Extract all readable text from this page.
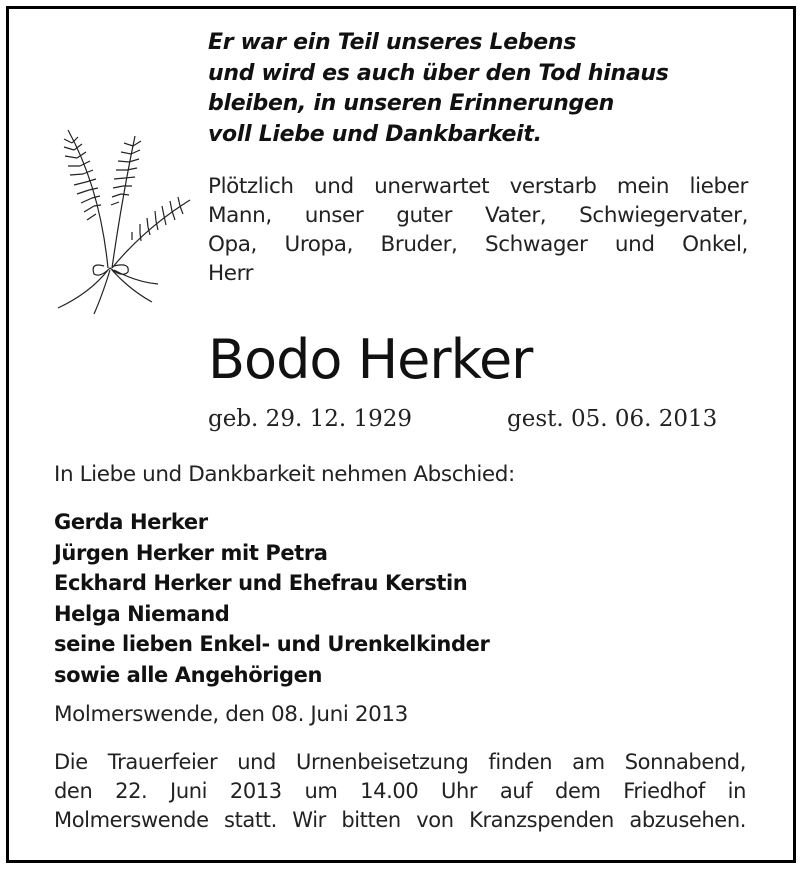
Er war ein Teil unseres Lebens
und wird es auch über den Tod hinaus
bleiben, in unseren Erinnerungen
voll Liebe und Dankbarkeit.
Plötzlich und unerwartet verstarb mein lieber
Mann, unser guter Vater, Schwiegervater,
Opa, Uropa, Bruder, Schwager und Onkel,
Herr
Bodo Herker
geb. 29. 12. 1929	gest. 05. 06. 2013
In Liebe und Dankbarkeit nehmen Abschied:
Gerda Herker
Jürgen Herker mit Petra
Eckhard Herker und Ehefrau Kerstin
Helga Niemand
seine lieben Enkel- und Urenkelkinder
sowie alle Angehörigen
Molmerswende, den 08. Juni 2013
Die Trauerfeier und Urnenbeisetzung finden am Sonnabend,
den 22. Juni 2013 um 14.00 Uhr auf dem Friedhof in
Molmerswende statt. Wir bitten von Kranzspenden abzusehen.
